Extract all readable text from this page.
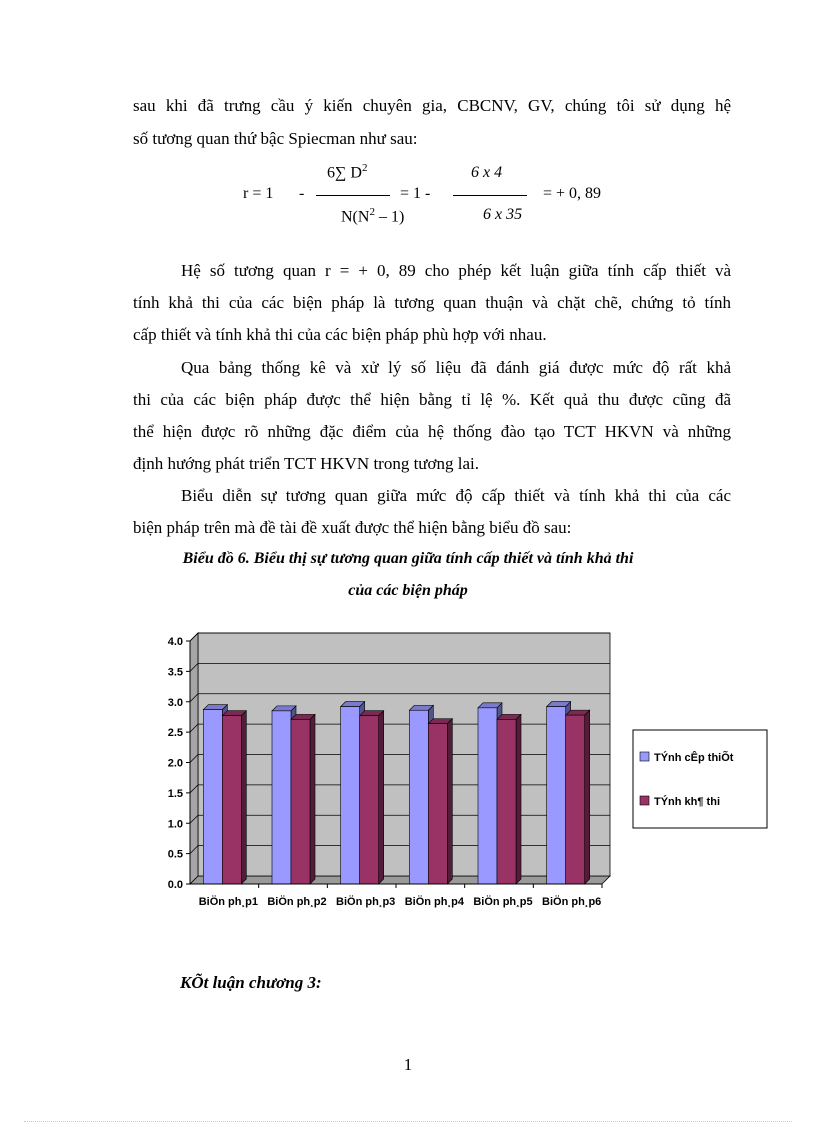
sau khi đã trưng cầu ý kiến chuyên gia, CBCNV, GV, chúng tôi sử dụng hệ

số tương quan thứ bậc Spiecman như sau:

r = 1 -
6∑ $D^2$
$N(N^2 - 1)$
= 1 -
6 x 4
6 x 35
= + 0, 89

Hệ số tương quan r = + 0, 89 cho phép kết luận giữa tính cấp thiết và

tính khả thi của các biện pháp là tương quan thuận và chặt chẽ, chứng tỏ tính

cấp thiết và tính khả thi của các biện pháp phù hợp với nhau.

Qua bảng thống kê và xử lý số liệu đã đánh giá được mức độ rất khả

thi của các biện pháp được thể hiện bằng tỉ lệ %. Kết quả thu được cũng đã

thể hiện được rõ những đặc điểm của hệ thống đào tạo TCT HKVN và những

định hướng phát triển TCT HKVN trong tương lai.

Biểu diễn sự tương quan giữa mức độ cấp thiết và tính khả thi của các

biện pháp trên mà đề tài đề xuất được thể hiện bằng biểu đồ sau:

Biểu đồ 6. Biểu thị sự tương quan giữa tính cấp thiết và tính khả thi
của các biện pháp
0.0
0.5
1.0
1.5
2.0
2.5
3.0
3.5
4.0
BiÖn ph¸p1 BiÖn ph¸p2 BiÖn ph¸p3 BiÖn ph¸p4 BiÖn ph¸p5 BiÖn ph¸p6
TÝnh cÊp thiÕt
TÝnh kh¶ thi
KÕt luận chương 3:
1
